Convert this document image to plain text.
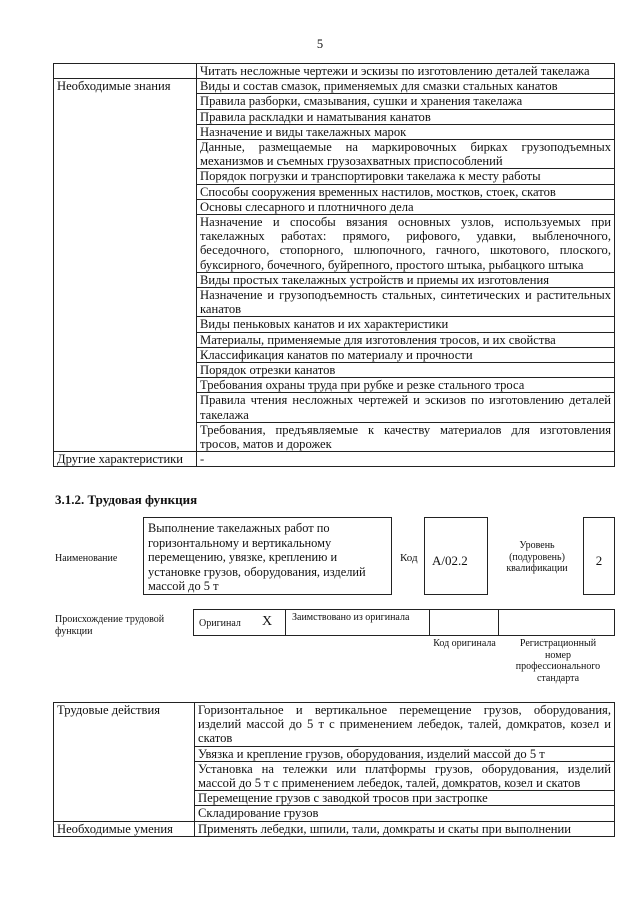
5
	Читать несложные чертежи и эскизы по изготовлению деталей такелажа
Необходимые знания	Виды и состав смазок, применяемых для смазки стальных канатов
	Правила разборки, смазывания, сушки и хранения такелажа
	Правила раскладки и наматывания канатов
	Назначение и виды такелажных марок
	Данные, размещаемые на маркировочных бирках грузоподъемных механизмов и съемных грузозахватных приспособлений
	Порядок погрузки и транспортировки такелажа к месту работы
	Способы сооружения временных настилов, мостков, стоек, скатов
	Основы слесарного и плотничного дела
	Назначение и способы вязания основных узлов, используемых при такелажных работах: прямого, рифового, удавки, выбленочного, беседочного, стопорного, шлюпочного, гачного, шкотового, плоского, буксирного, бочечного, буйрепного, простого штыка, рыбацкого штыка
	Виды простых такелажных устройств и приемы их изготовления
	Назначение и грузоподъемность стальных, синтетических и растительных канатов
	Виды пеньковых канатов и их характеристики
	Материалы, применяемые для изготовления тросов, и их свойства
	Классификация канатов по материалу и прочности
	Порядок отрезки канатов
	Требования охраны труда при рубке и резке стального троса
	Правила чтения несложных чертежей и эскизов по изготовлению деталей такелажа
	Требования, предъявляемые к качеству материалов для изготовления тросов, матов и дорожек
Другие характеристики	-
3.1.2. Трудовая функция
Наименование
Выполнение такелажных работ по горизонтальному и вертикальному перемещению, увязке, креплению и установке грузов, оборудования, изделий массой до 5 т
Код	A/02.2
Уровень (подуровень) квалификации
2
Происхождение трудовой функции
Оригинал X Заимствовано из оригинала
Код оригинала	Регистрационный номер профессионального стандарта
Трудовые действия	Горизонтальное и вертикальное перемещение грузов, оборудования, изделий массой до 5 т с применением лебедок, талей, домкратов, козел и скатов
	Увязка и крепление грузов, оборудования, изделий массой до 5 т
	Установка на тележки или платформы грузов, оборудования, изделий массой до 5 т с применением лебедок, талей, домкратов, козел и скатов
	Перемещение грузов с заводкой тросов при застропке
	Складирование грузов
Необходимые умения	Применять лебедки, шпили, тали, домкраты и скаты при выполнении
